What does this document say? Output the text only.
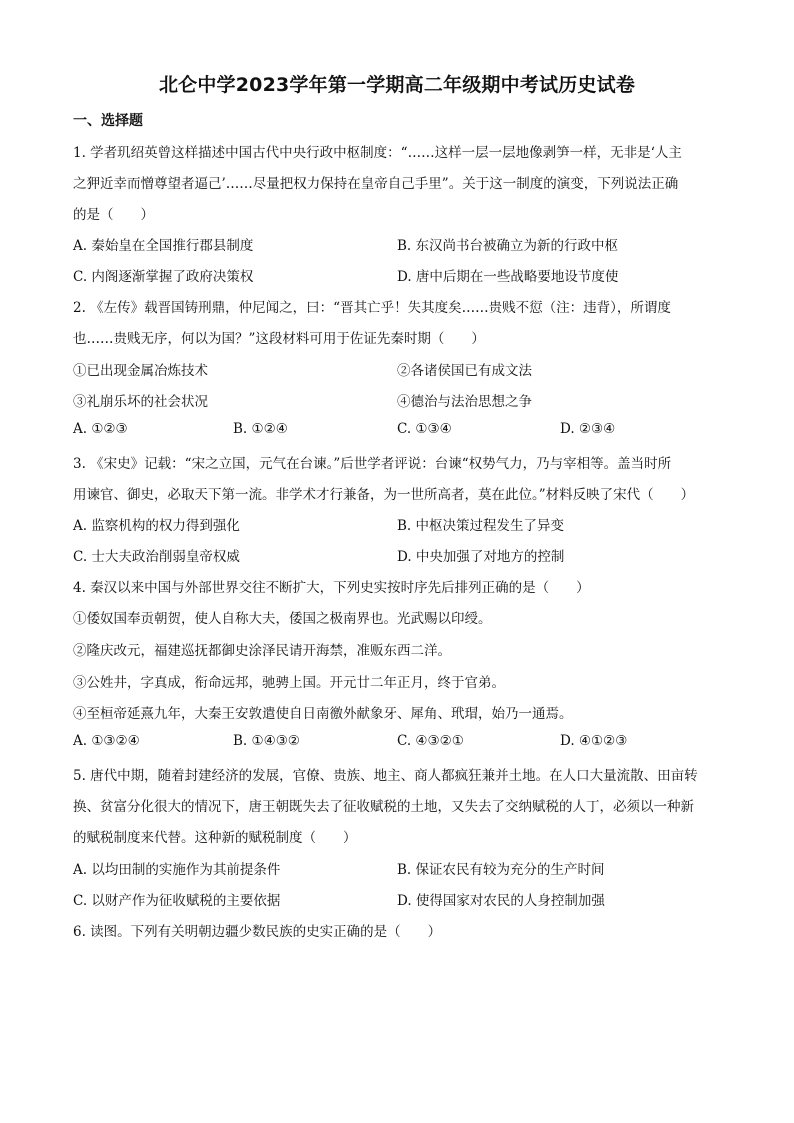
北仑中学2023学年第一学期高二年级期中考试历史试卷
一、选择题
1. 学者玑绍英曾这样描述中国古代中央行政中枢制度：“……这样一层一层地像剥笋一样，无非是‘人主
之狎近幸而憎尊望者逼己’……尽量把权力保持在皇帝自己手里”。关于这一制度的演变，下列说法正确
的是（　　）
A. 秦始皇在全国推行郡县制度	B. 东汉尚书台被确立为新的行政中枢
C. 内阁逐渐掌握了政府决策权	D. 唐中后期在一些战略要地设节度使
2. 《左传》载晋国铸刑鼎，仲尼闻之，曰：“晋其亡乎！失其度矣……贵贱不愆（注：违背），所谓度
也……贵贱无序，何以为国？”这段材料可用于佐证先秦时期（　　）
①已出现金属冶炼技术	②各诸侯国已有成文法
③礼崩乐坏的社会状况	④德治与法治思想之争
A. ①②③	B. ①②④	C. ①③④	D. ②③④
3. 《宋史》记载：“宋之立国，元气在台谏。”后世学者评说：台谏“权势气力，乃与宰相等。盖当时所
用谏官、御史，必取天下第一流。非学术才行兼备，为一世所高者，莫在此位。”材料反映了宋代（　　）
A. 监察机构的权力得到强化	B. 中枢决策过程发生了异变
C. 士大夫政治削弱皇帝权威	D. 中央加强了对地方的控制
4. 秦汉以来中国与外部世界交往不断扩大，下列史实按时序先后排列正确的是（　　）
①倭奴国奉贡朝贺，使人自称大夫，倭国之极南界也。光武赐以印绶。
②隆庆改元，福建巡抚都御史涂泽民请开海禁，准贩东西二洋。
③公姓井，字真成，衔命远邦，驰骋上国。开元廿二年正月，终于官弟。
④至桓帝延熹九年，大秦王安敦遣使自日南徼外献象牙、犀角、玳瑁，始乃一通焉。
A. ①③②④	B. ①④③②	C. ④③②①	D. ④①②③
5. 唐代中期，随着封建经济的发展，官僚、贵族、地主、商人都疯狂兼并土地。在人口大量流散、田亩转
换、贫富分化很大的情况下，唐王朝既失去了征收赋税的土地，又失去了交纳赋税的人丁，必须以一种新
的赋税制度来代替。这种新的赋税制度（　　）
A. 以均田制的实施作为其前提条件	B. 保证农民有较为充分的生产时间
C. 以财产作为征收赋税的主要依据	D. 使得国家对农民的人身控制加强
6. 读图。下列有关明朝边疆少数民族的史实正确的是（　　）
